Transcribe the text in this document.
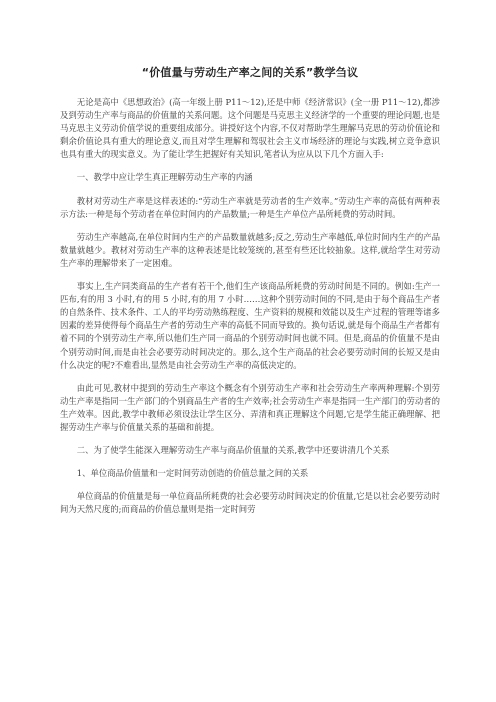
“价值量与劳动生产率之间的关系”教学刍议

无论是高中《思想政治》(高一年级上册 P11～12),还是中师《经济常识》(全一册 P11～12),都涉及到劳动生产率与商品的价值量的关系问题。这个问题是马克思主义经济学的一个重要的理论问题,也是马克思主义劳动价值学说的重要组成部分。讲授好这个内容,不仅对帮助学生理解马克思的劳动价值论和剩余价值论具有重大的理论意义,而且对学生理解和驾驭社会主义市场经济的理论与实践,树立竞争意识也具有重大的现实意义。为了能让学生把握好有关知识,笔者认为应从以下几个方面入手:

一、教学中应让学生真正理解劳动生产率的内涵

教材对劳动生产率是这样表述的:“劳动生产率就是劳动者的生产效率。”劳动生产率的高低有两种表示方法:一种是每个劳动者在单位时间内的产品数量;一种是生产单位产品所耗费的劳动时间。

劳动生产率越高,在单位时间内生产的产品数量就越多;反之,劳动生产率越低,单位时间内生产的产品数量就越少。教材对劳动生产率的这种表述是比较笼统的,甚至有些还比较抽象。这样,就给学生对劳动生产率的理解带来了一定困难。

事实上,生产同类商品的生产者有若干个,他们生产该商品所耗费的劳动时间是不同的。例如:生产一匹布,有的用 3 小时,有的用 5 小时,有的用 7 小时……这种个别劳动时间的不同,是由于每个商品生产者的自然条件、技术条件、工人的平均劳动熟练程度、生产资料的规模和效能以及生产过程的管理等诸多因素的差异使得每个商品生产者的劳动生产率的高低不同而导致的。换句话说,就是每个商品生产者都有着不同的个别劳动生产率,所以他们生产同一商品的个别劳动时间也就不同。但是,商品的价值量不是由个别劳动时间,而是由社会必要劳动时间决定的。那么,这个生产商品的社会必要劳动时间的长短又是由什么决定的呢?不难看出,显然是由社会劳动生产率的高低决定的。

由此可见,教材中提到的劳动生产率这个概念有个别劳动生产率和社会劳动生产率两种理解:个别劳动生产率是指同一生产部门的个别商品生产者的生产效率;社会劳动生产率是指同一生产部门的劳动者的生产效率。因此,教学中教师必须设法让学生区分、弄清和真正理解这个问题,它是学生能正确理解、把握劳动生产率与价值量关系的基础和前提。

二、为了使学生能深入理解劳动生产率与商品价值量的关系,教学中还要讲清几个关系

1、单位商品价值量和一定时间劳动创造的价值总量之间的关系

单位商品的价值量是每一单位商品所耗费的社会必要劳动时间决定的价值量,它是以社会必要劳动时间为天然尺度的;而商品的价值总量则是指一定时间劳
